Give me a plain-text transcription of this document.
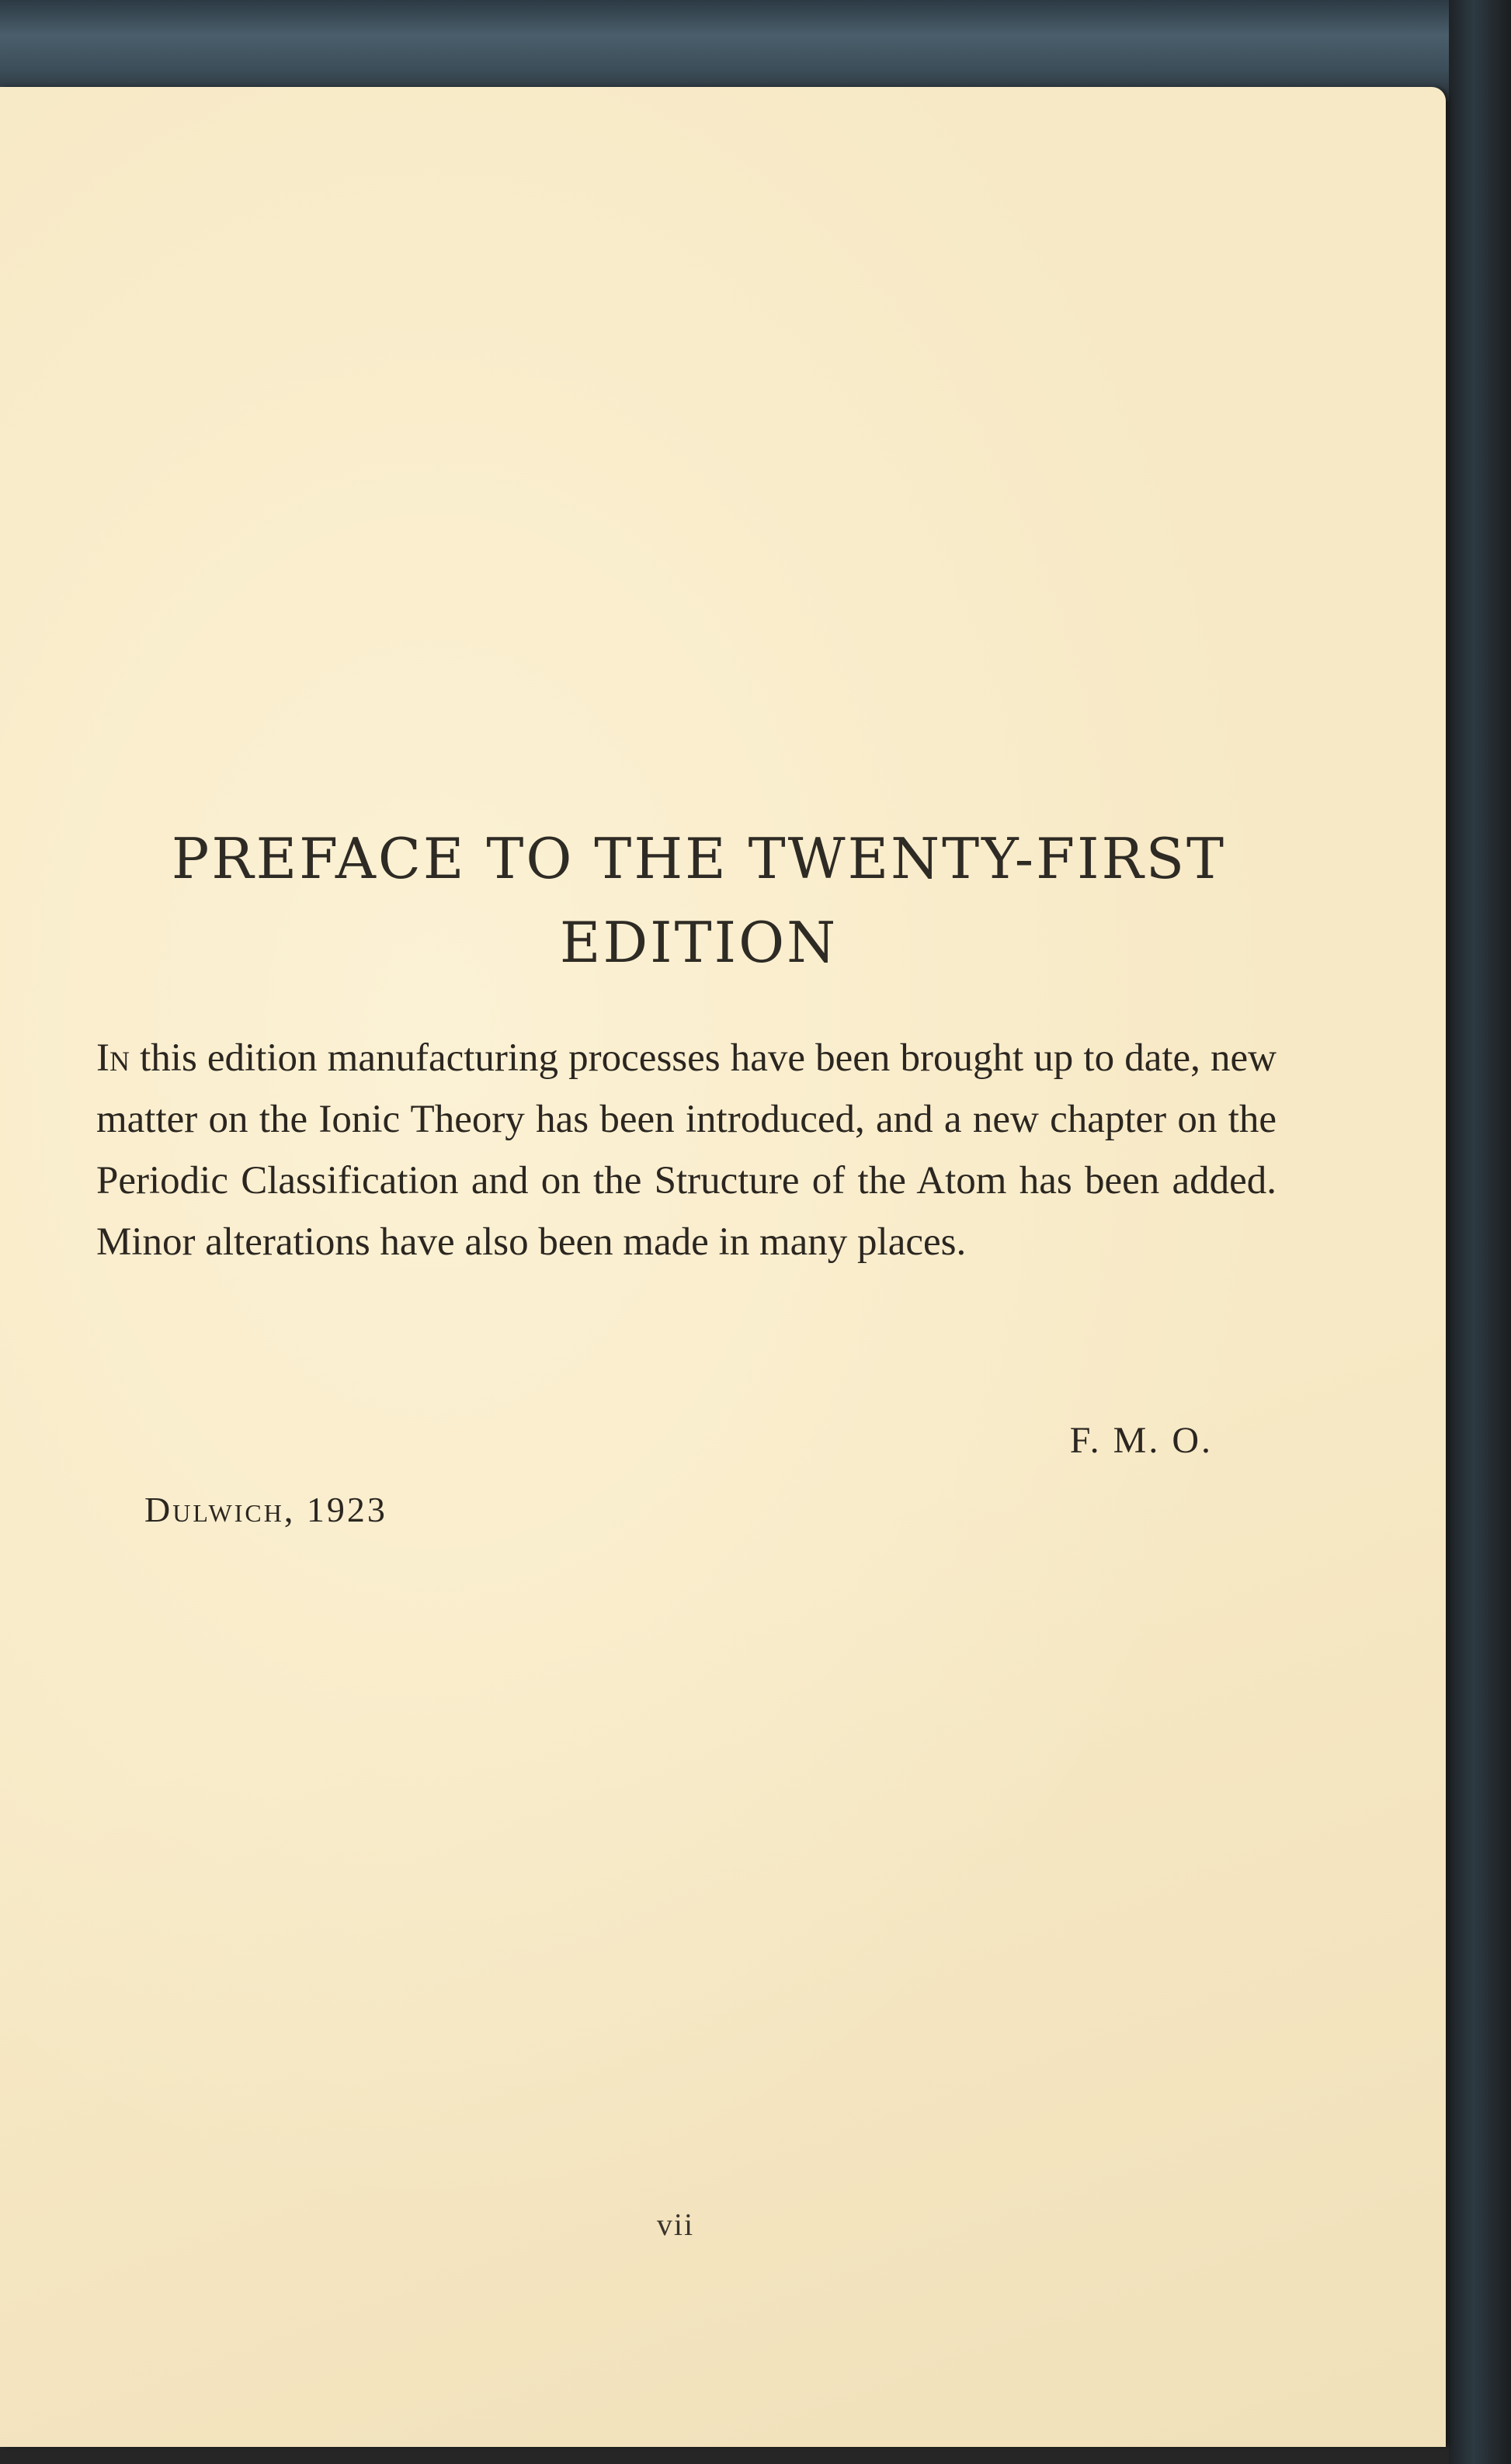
PREFACE TO THE TWENTY-FIRST
EDITION

In this edition manufacturing processes have been brought up to date, new matter on the Ionic Theory has been introduced, and a new chapter on the Periodic Classification and on the Structure of the Atom has been added. Minor alterations have also been made in many places.

F. M. O.
Dulwich, 1923
vii
